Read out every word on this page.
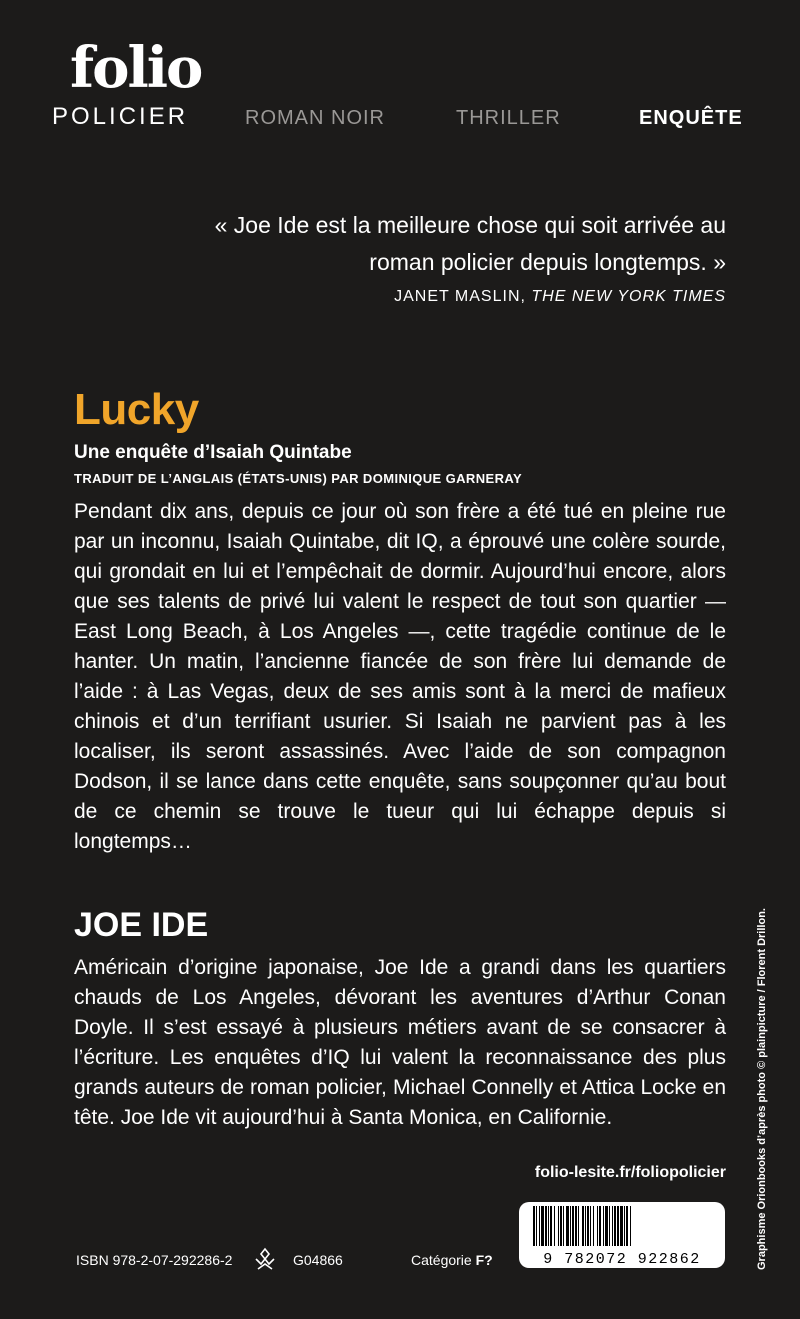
folio
POLICIER	ROMAN NOIR	THRILLER	ENQUÊTE
« Joe Ide est la meilleure chose qui soit arrivée au roman policier depuis longtemps. »
JANET MASLIN, THE NEW YORK TIMES
Lucky
Une enquête d’Isaiah Quintabe
TRADUIT DE L’ANGLAIS (ÉTATS-UNIS) PAR DOMINIQUE GARNERAY
Pendant dix ans, depuis ce jour où son frère a été tué en pleine rue par un inconnu, Isaiah Quintabe, dit IQ, a éprouvé une colère sourde, qui grondait en lui et l’empêchait de dormir. Aujourd’hui encore, alors que ses talents de privé lui valent le respect de tout son quartier — East Long Beach, à Los Angeles —, cette tragédie continue de le hanter. Un matin, l’ancienne fiancée de son frère lui demande de l’aide : à Las Vegas, deux de ses amis sont à la merci de mafieux chinois et d’un terrifiant usurier. Si Isaiah ne parvient pas à les localiser, ils seront assassinés. Avec l’aide de son compagnon Dodson, il se lance dans cette enquête, sans soupçonner qu’au bout de ce chemin se trouve le tueur qui lui échappe depuis si longtemps…
JOE IDE
Américain d’origine japonaise, Joe Ide a grandi dans les quartiers chauds de Los Angeles, dévorant les aventures d’Arthur Conan Doyle. Il s’est essayé à plusieurs métiers avant de se consacrer à l’écriture. Les enquêtes d’IQ lui valent la reconnaissance des plus grands auteurs de roman policier, Michael Connelly et Attica Locke en tête. Joe Ide vit aujourd’hui à Santa Monica, en Californie.
folio-lesite.fr/foliopolicier
ISBN 978-2-07-292286-2	G04866	Catégorie F?	9 782072 922862	Graphisme Orionbooks d’après photo © plainpicture / Florent Drillon.
